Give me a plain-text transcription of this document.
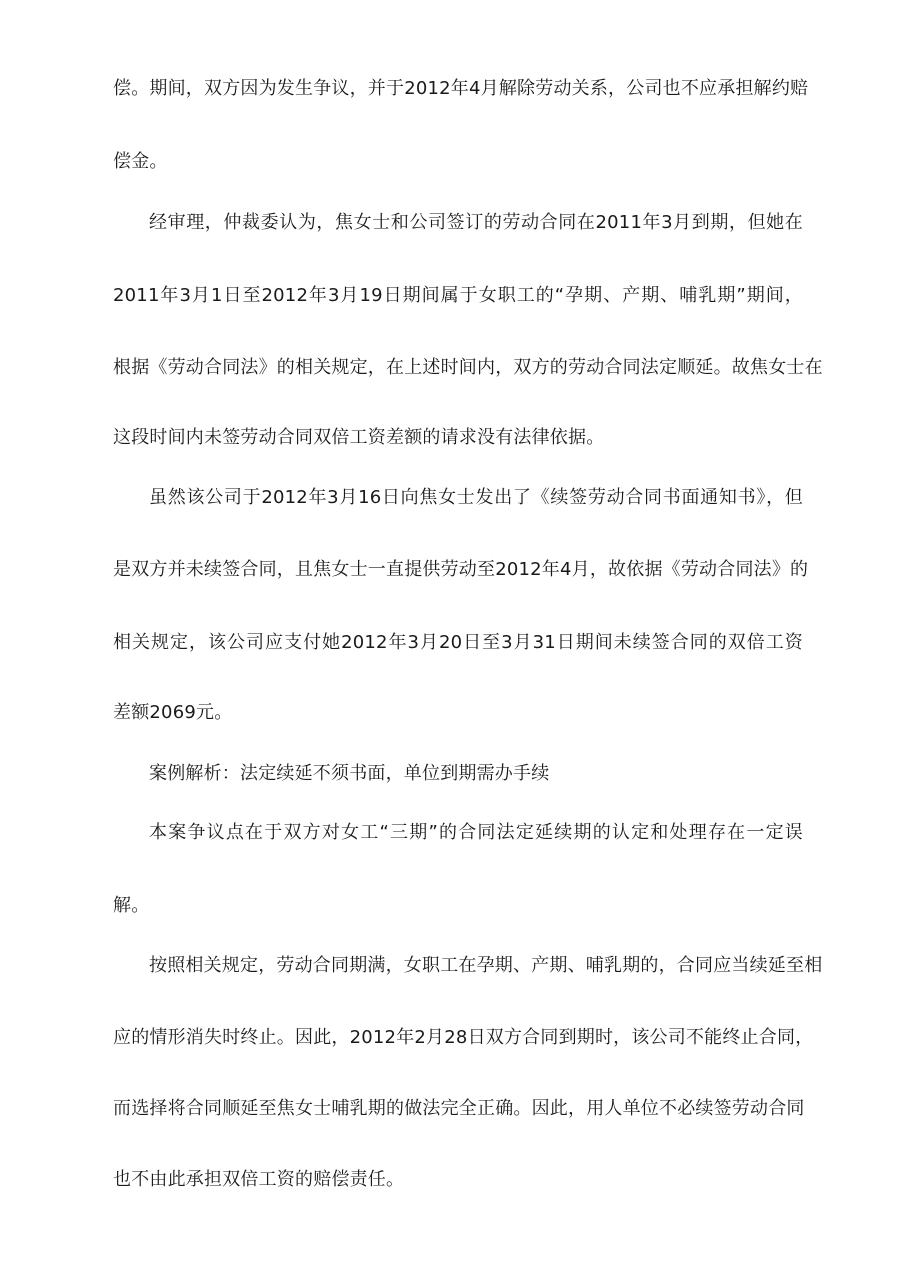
偿。期间，双方因为发生争议，并于2012年4月解除劳动关系，公司也不应承担解约赔
偿金。
经审理，仲裁委认为，焦女士和公司签订的劳动合同在2011年3月到期，但她在
2011年3月1日至2012年3月19日期间属于女职工的“孕期、产期、哺乳期”期间，
根据《劳动合同法》的相关规定，在上述时间内，双方的劳动合同法定顺延。故焦女士在
这段时间内未签劳动合同双倍工资差额的请求没有法律依据。
虽然该公司于2012年3月16日向焦女士发出了《续签劳动合同书面通知书》，但
是双方并未续签合同，且焦女士一直提供劳动至2012年4月，故依据《劳动合同法》的
相关规定，该公司应支付她2012年3月20日至3月31日期间未续签合同的双倍工资
差额2069元。
案例解析：法定续延不须书面，单位到期需办手续
本案争议点在于双方对女工“三期”的合同法定延续期的认定和处理存在一定误
解。
按照相关规定，劳动合同期满，女职工在孕期、产期、哺乳期的，合同应当续延至相
应的情形消失时终止。因此，2012年2月28日双方合同到期时，该公司不能终止合同，
而选择将合同顺延至焦女士哺乳期的做法完全正确。因此，用人单位不必续签劳动合同
也不由此承担双倍工资的赔偿责任。
